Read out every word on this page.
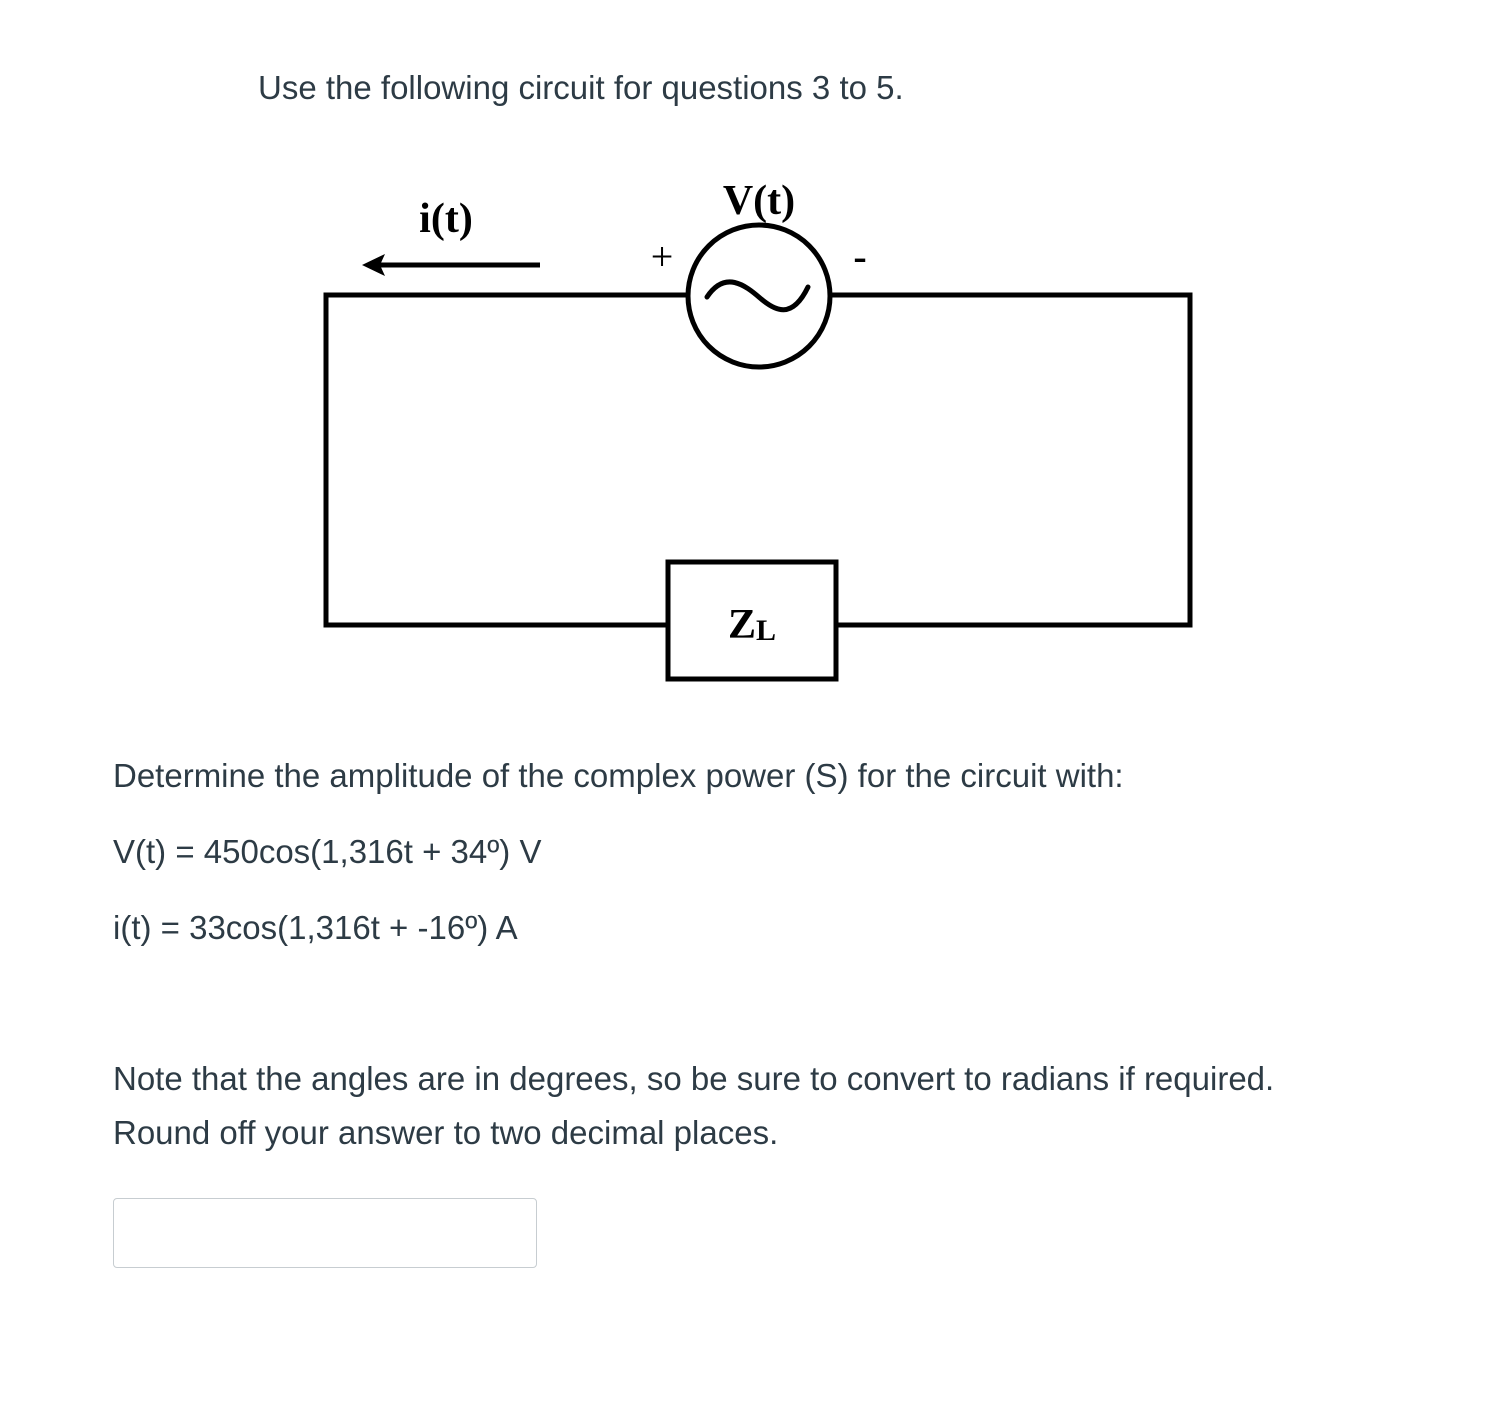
Use the following circuit for questions 3 to 5.

i(t)	V(t)
+	-
ZL

Determine the amplitude of the complex power (S) for the circuit with:

V(t) = 450cos(1,316t + 34º) V

i(t) = 33cos(1,316t + -16º) A

Note that the angles are in degrees, so be sure to convert to radians if required.
Round off your answer to two decimal places.
